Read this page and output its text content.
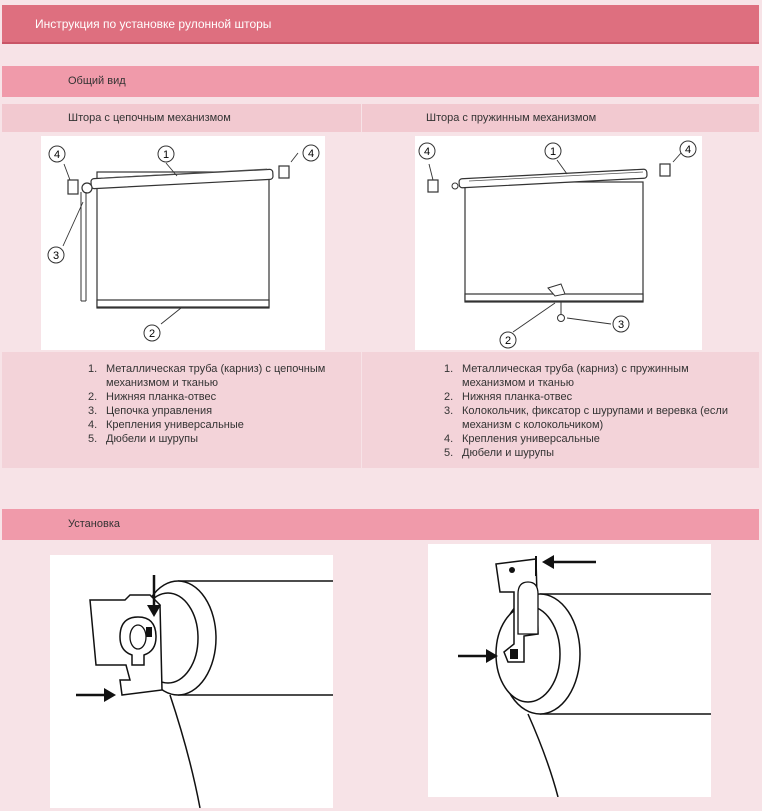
Инструкция по установке рулонной шторы
Общий вид
Штора с цепочным механизмом	Штора с пружинным механизмом
1
2
3
4	4	1
2
3
4	4
1. Металлическая труба (карниз) с цепочным механизмом и тканью
2. Нижняя планка-отвес
3. Цепочка управления
4. Крепления универсальные
5. Дюбели и шурупы
1. Металлическая труба (карниз) с пружинным механизмом и тканью
2. Нижняя планка-отвес
3. Колокольчик, фиксатор с шурупами и веревка (если механизм с колокольчиком)
4. Крепления универсальные
5. Дюбели и шурупы
Установка
